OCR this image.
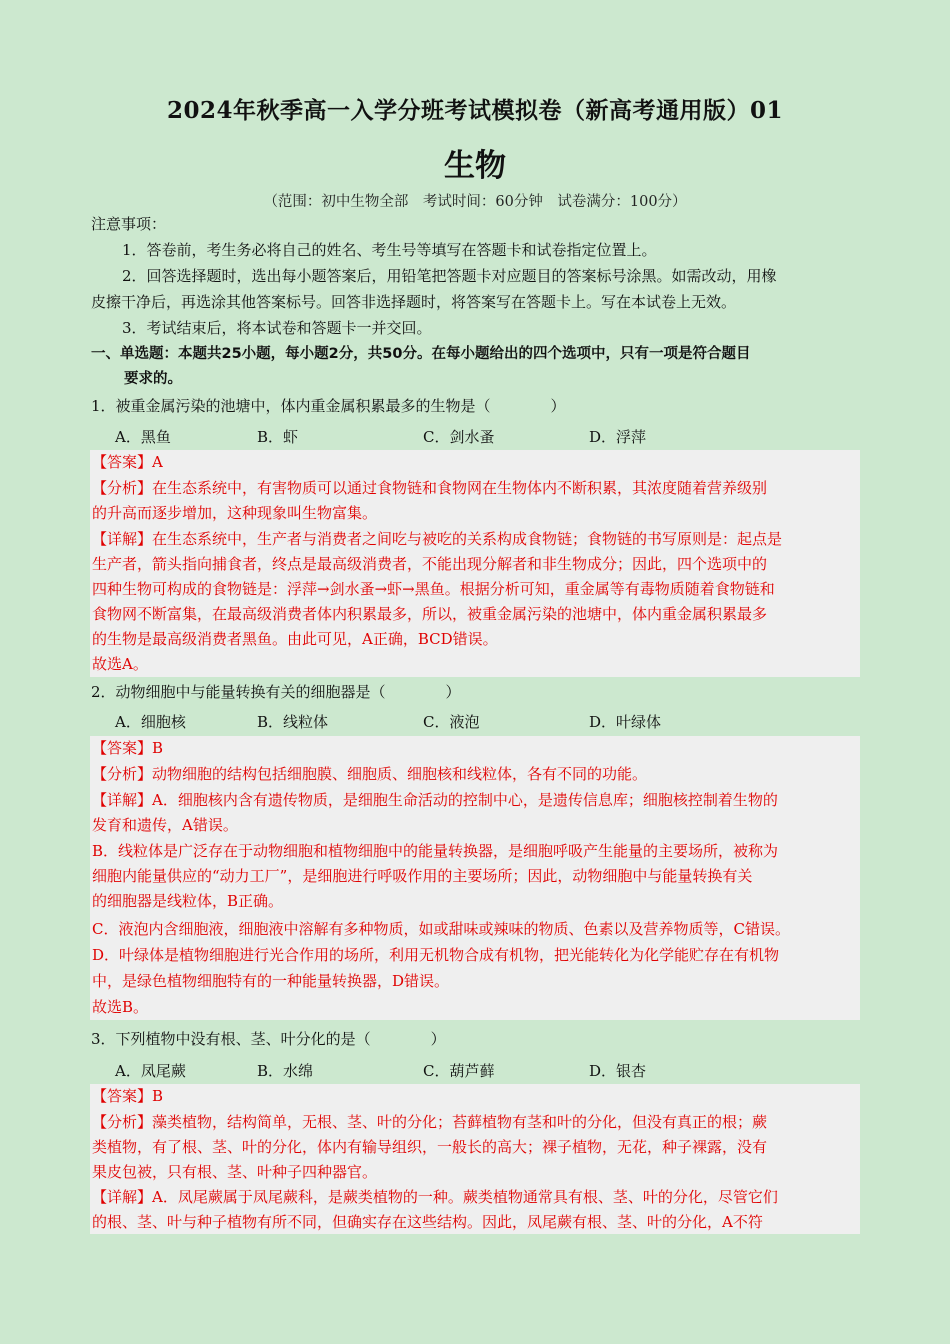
2024年秋季高一入学分班考试模拟卷（新高考通用版）01
生物
（范围：初中生物全部　考试时间：60分钟　试卷满分：100分）
注意事项：
1．答卷前，考生务必将自己的姓名、考生号等填写在答题卡和试卷指定位置上。
2．回答选择题时，选出每小题答案后，用铅笔把答题卡对应题目的答案标号涂黑。如需改动，用橡
皮擦干净后，再选涂其他答案标号。回答非选择题时，将答案写在答题卡上。写在本试卷上无效。
3．考试结束后，将本试卷和答题卡一并交回。
一、单选题：本题共25小题，每小题2分，共50分。在每小题给出的四个选项中，只有一项是符合题目
要求的。
1．被重金属污染的池塘中，体内重金属积累最多的生物是（　　　　）
A．黑鱼	B．虾	C．剑水蚤	D．浮萍
【答案】A
【分析】在生态系统中，有害物质可以通过食物链和食物网在生物体内不断积累，其浓度随着营养级别
的升高而逐步增加，这种现象叫生物富集。
【详解】在生态系统中，生产者与消费者之间吃与被吃的关系构成食物链；食物链的书写原则是：起点是
生产者，箭头指向捕食者，终点是最高级消费者，不能出现分解者和非生物成分；因此，四个选项中的
四种生物可构成的食物链是：浮萍→剑水蚤→虾→黑鱼。根据分析可知，重金属等有毒物质随着食物链和
食物网不断富集，在最高级消费者体内积累最多，所以，被重金属污染的池塘中，体内重金属积累最多
的生物是最高级消费者黑鱼。由此可见，A正确，BCD错误。
故选A。
2．动物细胞中与能量转换有关的细胞器是（　　　　）
A．细胞核	B．线粒体	C．液泡	D．叶绿体
【答案】B
【分析】动物细胞的结构包括细胞膜、细胞质、细胞核和线粒体，各有不同的功能。
【详解】A．细胞核内含有遗传物质，是细胞生命活动的控制中心，是遗传信息库；细胞核控制着生物的
发育和遗传，A错误。
B．线粒体是广泛存在于动物细胞和植物细胞中的能量转换器，是细胞呼吸产生能量的主要场所，被称为
细胞内能量供应的“动力工厂”，是细胞进行呼吸作用的主要场所；因此，动物细胞中与能量转换有关
的细胞器是线粒体，B正确。
C．液泡内含细胞液，细胞液中溶解有多种物质，如或甜味或辣味的物质、色素以及营养物质等，C错误。
D．叶绿体是植物细胞进行光合作用的场所，利用无机物合成有机物，把光能转化为化学能贮存在有机物
中，是绿色植物细胞特有的一种能量转换器，D错误。
故选B。
3．下列植物中没有 · ·根、茎、叶分化的是（　　　　）
A．凤尾蕨	B．水绵	C．葫芦藓	D．银杏
【答案】B
【分析】藻类植物，结构简单，无根、茎、叶的分化；苔藓植物有茎和叶的分化，但没有真正的根；蕨
类植物，有了根、茎、叶的分化，体内有输导组织，一般长的高大；裸子植物，无花，种子裸露，没有
果皮包被，只有根、茎、叶种子四种器官。
【详解】A．凤尾蕨属于凤尾蕨科，是蕨类植物的一种。蕨类植物通常具有根、茎、叶的分化，尽管它们
的根、茎、叶与种子植物有所不同，但确实存在这些结构。因此，凤尾蕨有根、茎、叶的分化，A不符
